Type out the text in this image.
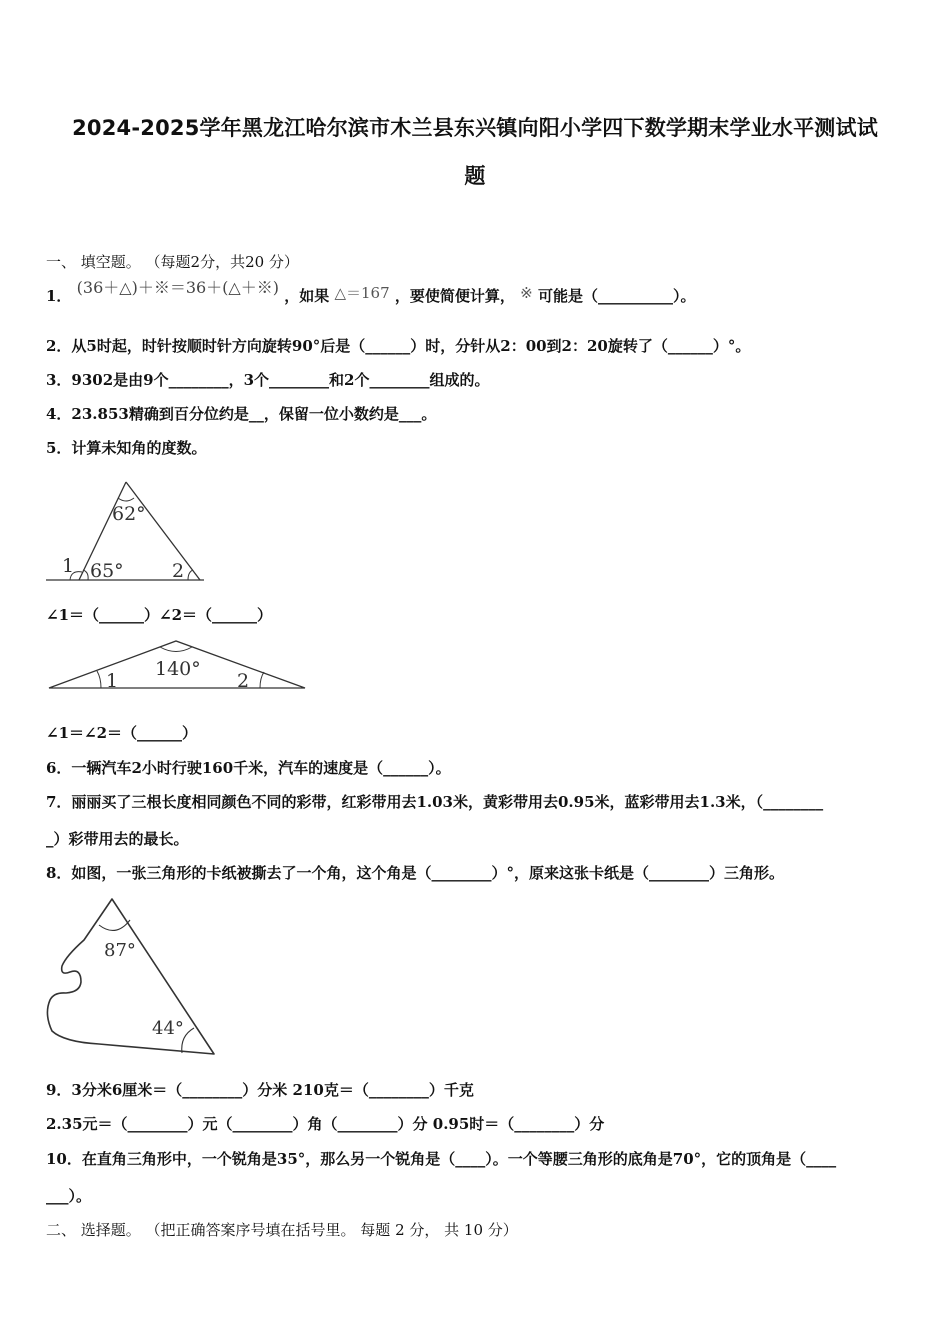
2024-2025学年黑龙江哈尔滨市木兰县东兴镇向阳小学四下数学期末学业水平测试试
题
一、 填空题。 （每题2分，共20 分）
1． (36＋△)＋※＝36＋(△＋※) ，如果 △＝167 ，要使简便计算， ※ 可能是（__________）。
2．从5时起，时针按顺时针方向旋转90°后是（______）时，分针从2：00到2：20旋转了（______）°。
3．9302是由9个________，3个________和2个________组成的。
4．23.853精确到百分位约是__，保留一位小数约是___。
5．计算未知角的度数。
62°
1 65°	2
∠1＝（______）∠2＝（______）
140°
1	2
∠1＝∠2＝（______）
6．一辆汽车2小时行驶160千米，汽车的速度是（______）。
7．丽丽买了三根长度相同颜色不同的彩带，红彩带用去1.03米，黄彩带用去0.95米，蓝彩带用去1.3米，（________
_）彩带用去的最长。
8．如图，一张三角形的卡纸被撕去了一个角，这个角是（________）°，原来这张卡纸是（________）三角形。
87°
44°
9．3分米6厘米＝（________）分米 210克＝（________）千克
2.35元＝（________）元（________）角（________）分 0.95时＝（________）分
10．在直角三角形中，一个锐角是35°，那么另一个锐角是（____）。一个等腰三角形的底角是70°，它的顶角是（____
___）。
二、 选择题。 （把正确答案序号填在括号里。 每题 2 分， 共 10 分）
